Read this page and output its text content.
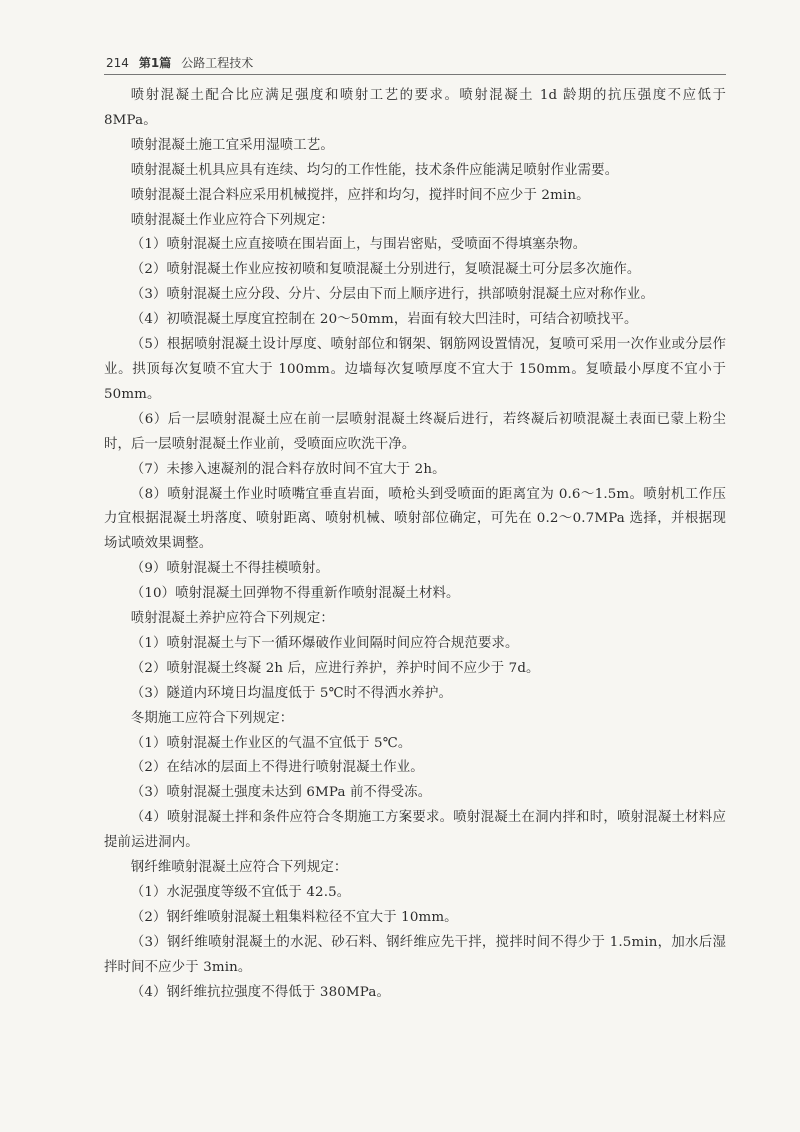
214 第1篇 公路工程技术

喷射混凝土配合比应满足强度和喷射工艺的要求。喷射混凝土 1d 龄期的抗压强度不应低于 8MPa。

喷射混凝土施工宜采用湿喷工艺。

喷射混凝土机具应具有连续、均匀的工作性能，技术条件应能满足喷射作业需要。

喷射混凝土混合料应采用机械搅拌，应拌和均匀，搅拌时间不应少于 2min。

喷射混凝土作业应符合下列规定：

（1）喷射混凝土应直接喷在围岩面上，与围岩密贴，受喷面不得填塞杂物。

（2）喷射混凝土作业应按初喷和复喷混凝土分别进行，复喷混凝土可分层多次施作。

（3）喷射混凝土应分段、分片、分层由下而上顺序进行，拱部喷射混凝土应对称作业。

（4）初喷混凝土厚度宜控制在 20～50mm，岩面有较大凹洼时，可结合初喷找平。

（5）根据喷射混凝土设计厚度、喷射部位和钢架、钢筋网设置情况，复喷可采用一次作业或分层作业。拱顶每次复喷不宜大于 100mm。边墙每次复喷厚度不宜大于 150mm。复喷最小厚度不宜小于 50mm。

（6）后一层喷射混凝土应在前一层喷射混凝土终凝后进行，若终凝后初喷混凝土表面已蒙上粉尘时，后一层喷射混凝土作业前，受喷面应吹洗干净。

（7）未掺入速凝剂的混合料存放时间不宜大于 2h。

（8）喷射混凝土作业时喷嘴宜垂直岩面，喷枪头到受喷面的距离宜为 0.6～1.5m。喷射机工作压力宜根据混凝土坍落度、喷射距离、喷射机械、喷射部位确定，可先在 0.2～0.7MPa 选择，并根据现场试喷效果调整。

（9）喷射混凝土不得挂模喷射。

（10）喷射混凝土回弹物不得重新作喷射混凝土材料。

喷射混凝土养护应符合下列规定：

（1）喷射混凝土与下一循环爆破作业间隔时间应符合规范要求。

（2）喷射混凝土终凝 2h 后，应进行养护，养护时间不应少于 7d。

（3）隧道内环境日均温度低于 5℃时不得洒水养护。

冬期施工应符合下列规定：

（1）喷射混凝土作业区的气温不宜低于 5℃。

（2）在结冰的层面上不得进行喷射混凝土作业。

（3）喷射混凝土强度未达到 6MPa 前不得受冻。

（4）喷射混凝土拌和条件应符合冬期施工方案要求。喷射混凝土在洞内拌和时，喷射混凝土材料应提前运进洞内。

钢纤维喷射混凝土应符合下列规定：

（1）水泥强度等级不宜低于 42.5。

（2）钢纤维喷射混凝土粗集料粒径不宜大于 10mm。

（3）钢纤维喷射混凝土的水泥、砂石料、钢纤维应先干拌，搅拌时间不得少于 1.5min，加水后湿拌时间不应少于 3min。

（4）钢纤维抗拉强度不得低于 380MPa。
